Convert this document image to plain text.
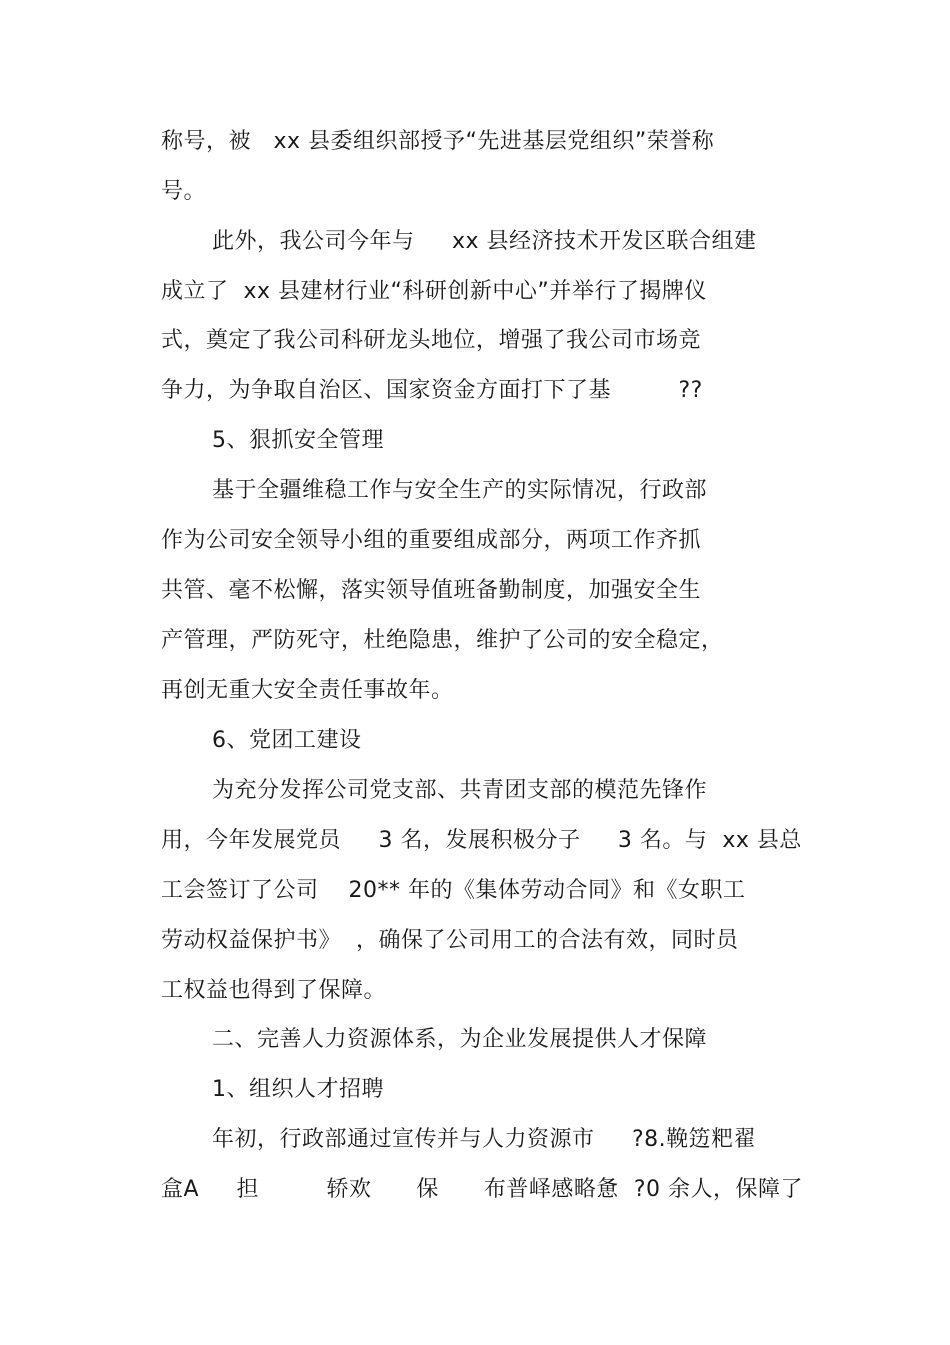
称号，被   xx 县委组织部授予“先进基层党组织”荣誉称
号。
此外，我公司今年与     xx 县经济技术开发区联合组建
成立了  xx 县建材行业“科研创新中心”并举行了揭牌仪
式，奠定了我公司科研龙头地位，增强了我公司市场竞
争力，为争取自治区、国家资金方面打下了基         ??
5、狠抓安全管理
基于全疆维稳工作与安全生产的实际情况，行政部
作为公司安全领导小组的重要组成部分，两项工作齐抓
共管、毫不松懈，落实领导值班备勤制度，加强安全生
产管理，严防死守，杜绝隐患，维护了公司的安全稳定，
再创无重大安全责任事故年。
6、党团工建设
为充分发挥公司党支部、共青团支部的模范先锋作
用，今年发展党员     3 名，发展积极分子     3 名。与  xx 县总
工会签订了公司    20** 年的《集体劳动合同》和《女职工
劳动权益保护书》  ，确保了公司用工的合法有效，同时员
工权益也得到了保障。
二、完善人力资源体系，为企业发展提供人才保障
1、组织人才招聘
年初，行政部通过宣传并与人力资源市     ?8.鞔笾粑翟
盒A     担         轿欢      保      布普峄感略惫  ?0 余人，保障了
